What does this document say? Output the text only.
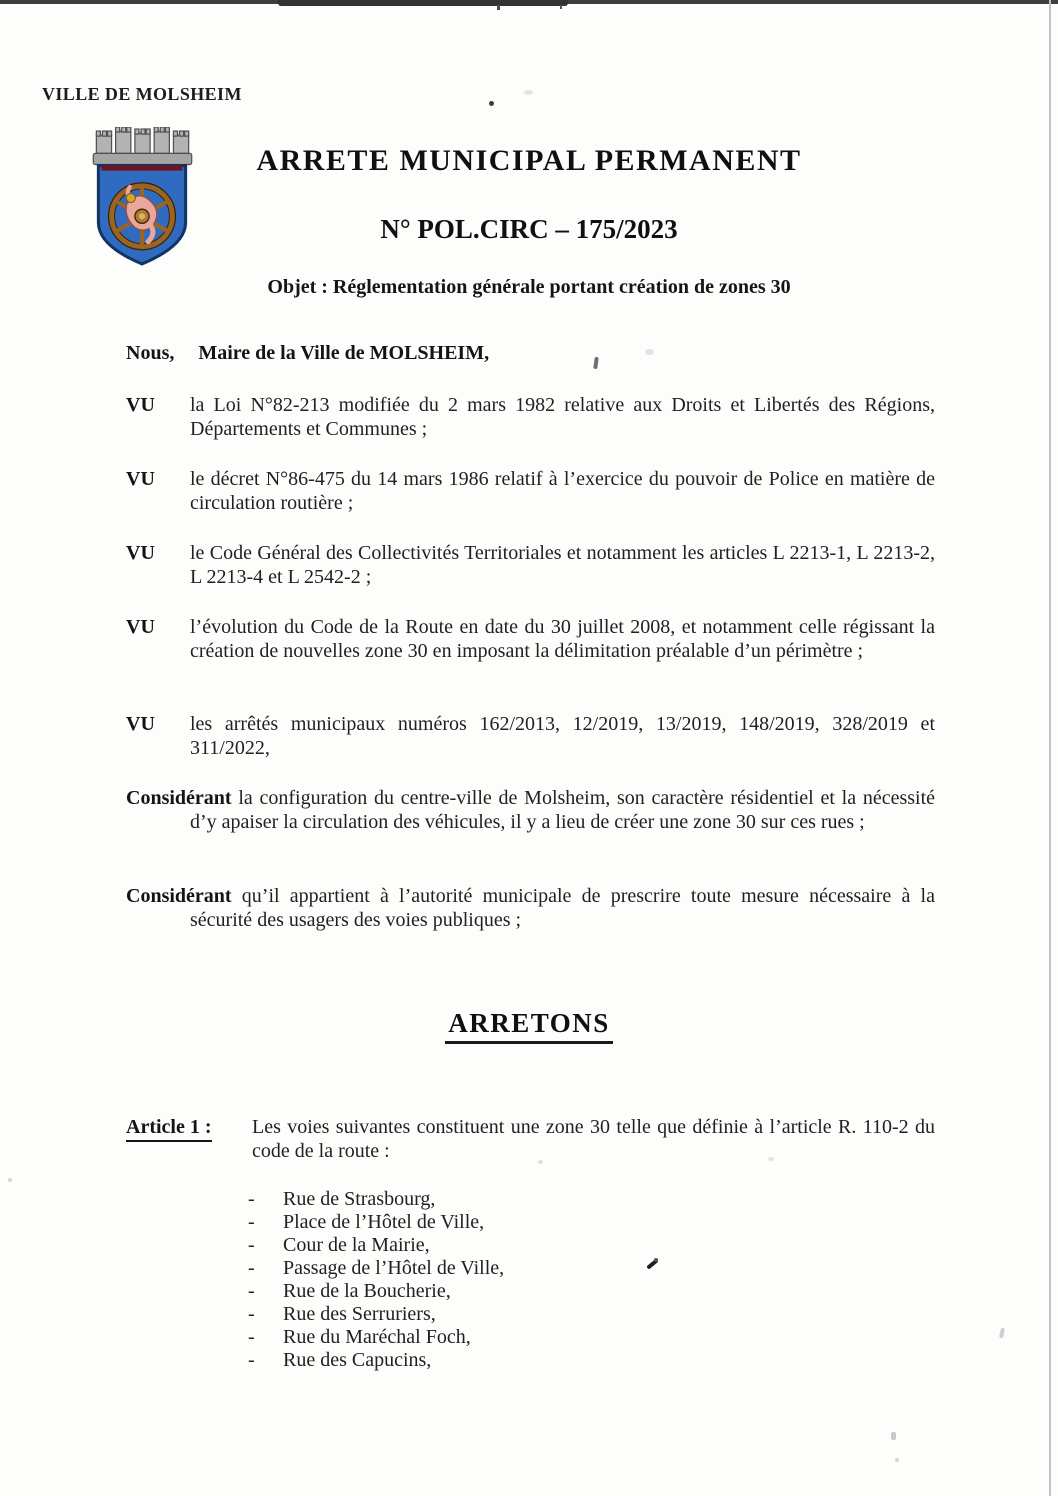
VILLE DE MOLSHEIM
ARRETE MUNICIPAL PERMANENT
N° POL.CIRC – 175/2023
Objet : Réglementation générale portant création de zones 30
Nous, Maire de la Ville de MOLSHEIM,
VU la Loi N°82-213 modifiée du 2 mars 1982 relative aux Droits et Libertés des Régions, Départements et Communes ;

VU le décret N°86-475 du 14 mars 1986 relatif à l’exercice du pouvoir de Police en matière de circulation routière ;

VU le Code Général des Collectivités Territoriales et notamment les articles L 2213-1, L 2213-2, L 2213-4 et L 2542-2 ;

VU l’évolution du Code de la Route en date du 30 juillet 2008, et notamment celle régissant la création de nouvelles zone 30 en imposant la délimitation préalable d’un périmètre ;

VU les arrêtés municipaux numéros 162/2013, 12/2019, 13/2019, 148/2019, 328/2019 et 311/2022,

Considérant la configuration du centre-ville de Molsheim, son caractère résidentiel et la nécessité d’y apaiser la circulation des véhicules, il y a lieu de créer une zone 30 sur ces rues ;

Considérant qu’il appartient à l’autorité municipale de prescrire toute mesure nécessaire à la sécurité des usagers des voies publiques ;

ARRETONS
Article 1 : Les voies suivantes constituent une zone 30 telle que définie à l’article R. 110-2 du code de la route :

-	Rue de Strasbourg,
-	Place de l’Hôtel de Ville,
-	Cour de la Mairie,
-	Passage de l’Hôtel de Ville,
-	Rue de la Boucherie,
-	Rue des Serruriers,
-	Rue du Maréchal Foch,
-	Rue des Capucins,
